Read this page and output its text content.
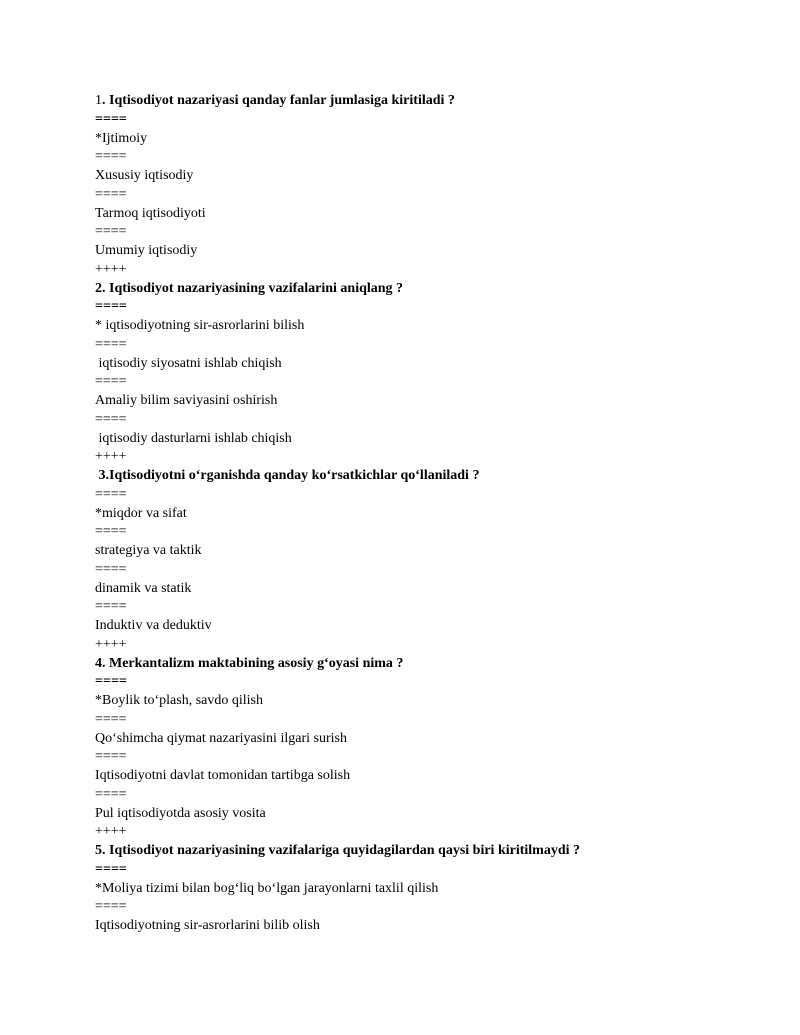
1. Iqtisodiyot nazariyasi qanday fanlar jumlasiga kiritiladi ?
====
*Ijtimoiy
====
Xususiy iqtisodiy
====
Tarmoq iqtisodiyoti
====
Umumiy iqtisodiy
++++
2. Iqtisodiyot nazariyasining vazifalarini aniqlang ?
====
* iqtisodiyotning sir-asrorlarini bilish
====
iqtisodiy siyosatni ishlab chiqish
====
Amaliy bilim saviyasini oshirish
====
iqtisodiy dasturlarni ishlab chiqish
++++
3.Iqtisodiyotni o‘rganishda qanday ko‘rsatkichlar qo‘llaniladi ?
====
*miqdor va sifat
====
strategiya va taktik
====
dinamik va statik
====
Induktiv va deduktiv
++++
4. Merkantalizm maktabining asosiy g‘oyasi nima ?
====
*Boylik to‘plash, savdo qilish
====
Qo‘shimcha qiymat nazariyasini ilgari surish
====
Iqtisodiyotni davlat tomonidan tartibga solish
====
Pul iqtisodiyotda asosiy vosita
++++
5. Iqtisodiyot nazariyasining vazifalariga quyidagilardan qaysi biri kiritilmaydi ?
====
*Moliya tizimi bilan bog‘liq bo‘lgan jarayonlarni taxlil qilish
====
Iqtisodiyotning sir-asrorlarini bilib olish
